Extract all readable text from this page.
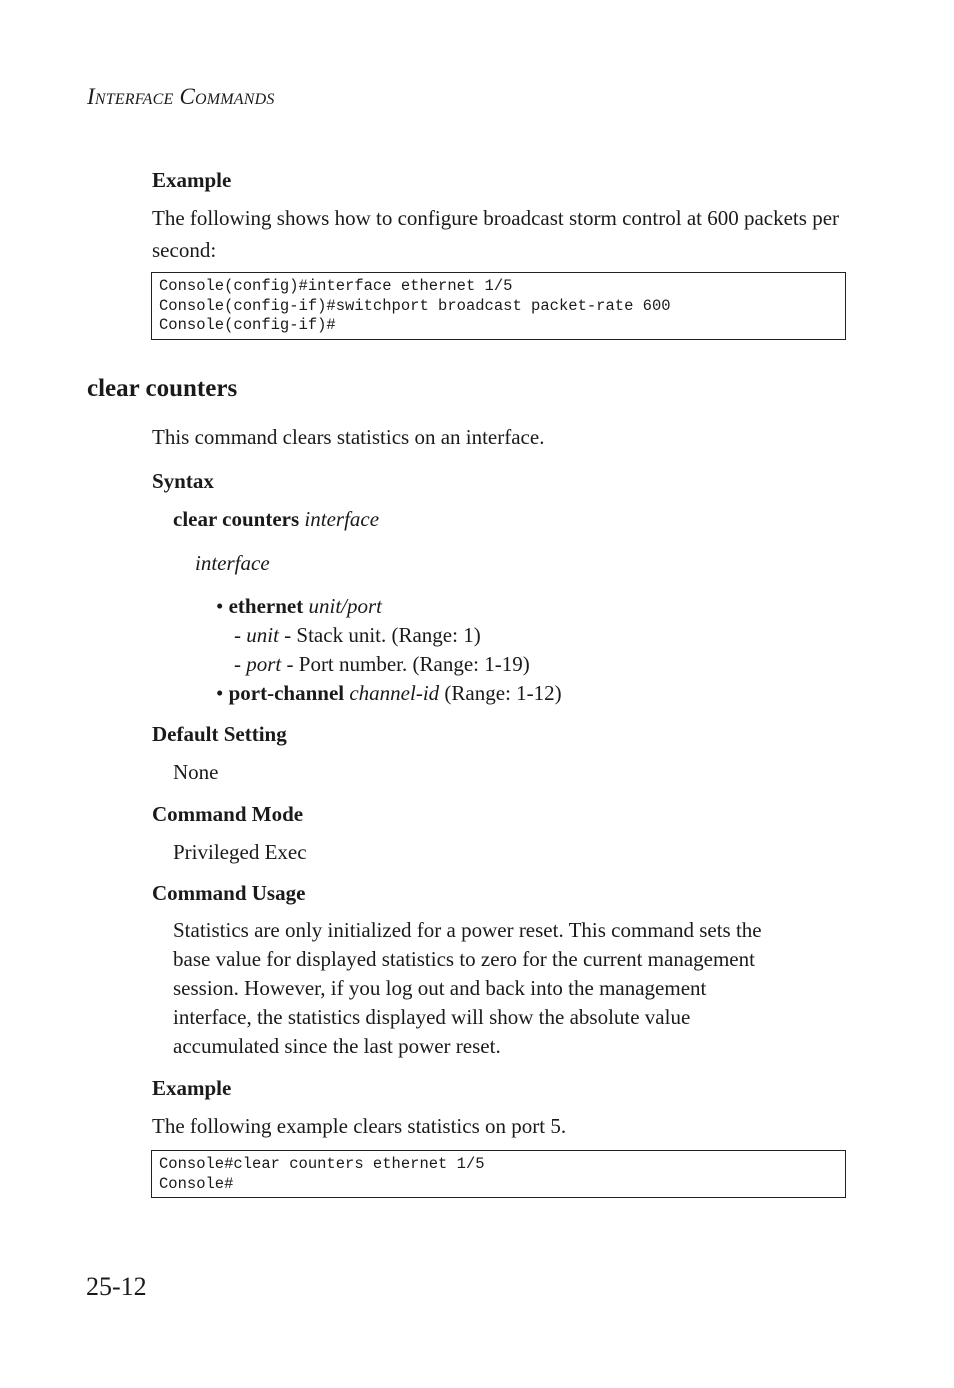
Interface Commands
Example
The following shows how to configure broadcast storm control at 600 packets per second:
Console(config)#interface ethernet 1/5
Console(config-if)#switchport broadcast packet-rate 600
Console(config-if)#
clear counters
This command clears statistics on an interface.
Syntax
clear counters interface
interface
• ethernet unit/port
- unit - Stack unit. (Range: 1)
- port - Port number. (Range: 1-19)
• port-channel channel-id (Range: 1-12)
Default Setting
None
Command Mode
Privileged Exec
Command Usage
Statistics are only initialized for a power reset. This command sets the
base value for displayed statistics to zero for the current management
session. However, if you log out and back into the management
interface, the statistics displayed will show the absolute value
accumulated since the last power reset.
Example
The following example clears statistics on port 5.
Console#clear counters ethernet 1/5
Console#
25-12
